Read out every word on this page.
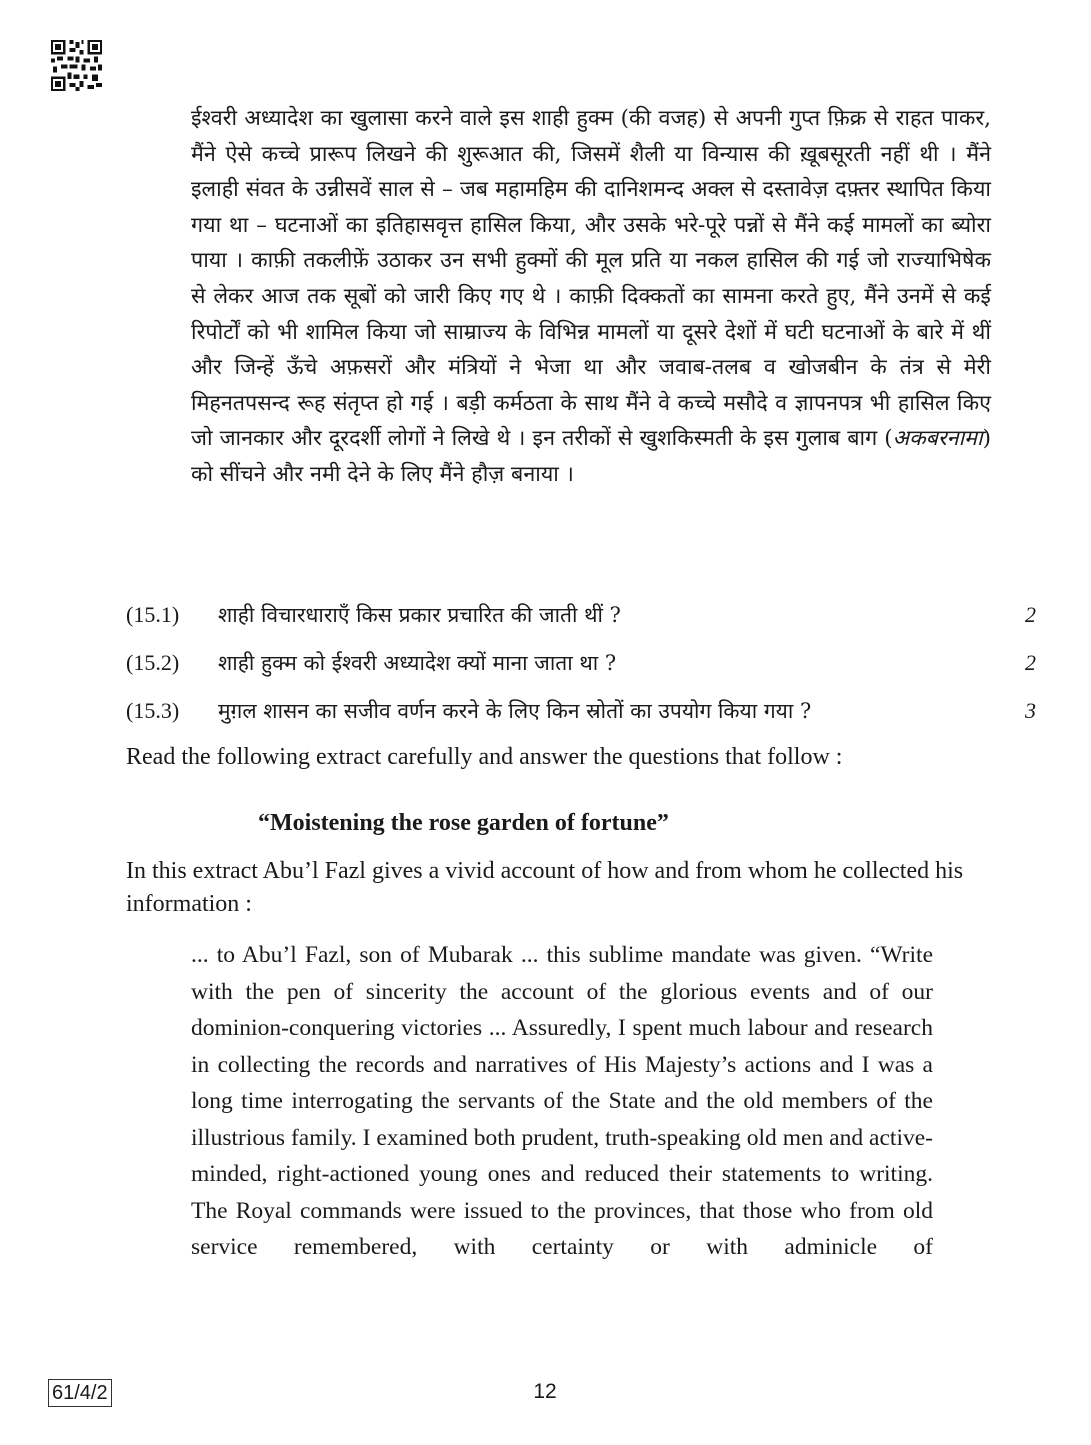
ईश्वरी अध्यादेश का खुलासा करने वाले इस शाही हुक्म (की वजह) से अपनी गुप्त फ़िक्र से राहत पाकर, मैंने ऐसे कच्चे प्रारूप लिखने की शुरूआत की, जिसमें शैली या विन्यास की ख़ूबसूरती नहीं थी । मैंने इलाही संवत के उन्नीसवें साल से – जब महामहिम की दानिशमन्द अक्ल से दस्तावेज़ दफ़्तर स्थापित किया गया था – घटनाओं का इतिहासवृत्त हासिल किया, और उसके भरे-पूरे पन्नों से मैंने कई मामलों का ब्योरा पाया । काफ़ी तकलीफ़ें उठाकर उन सभी हुक्मों की मूल प्रति या नकल हासिल की गई जो राज्याभिषेक से लेकर आज तक सूबों को जारी किए गए थे । काफ़ी दिक्कतों का सामना करते हुए, मैंने उनमें से कई रिपोर्टों को भी शामिल किया जो साम्राज्य के विभिन्न मामलों या दूसरे देशों में घटी घटनाओं के बारे में थीं और जिन्हें ऊँचे अफ़सरों और मंत्रियों ने भेजा था और जवाब-तलब व खोजबीन के तंत्र से मेरी मिहनतपसन्द रूह संतृप्त हो गई । बड़ी कर्मठता के साथ मैंने वे कच्चे मसौदे व ज्ञापनपत्र भी हासिल किए जो जानकार और दूरदर्शी लोगों ने लिखे थे । इन तरीकों से खुशकिस्मती के इस गुलाब बाग (अकबरनामा) को सींचने और नमी देने के लिए मैंने हौज़ बनाया ।

(15.1) शाही विचारधाराएँ किस प्रकार प्रचारित की जाती थीं ?	2
(15.2) शाही हुक्म को ईश्वरी अध्यादेश क्यों माना जाता था ?	2
(15.3) मुग़ल शासन का सजीव वर्णन करने के लिए किन स्रोतों का उपयोग किया गया ?	3

Read the following extract carefully and answer the questions that follow :

“Moistening the rose garden of fortune”

In this extract Abu’l Fazl gives a vivid account of how and from whom he collected his information :

... to Abu’l Fazl, son of Mubarak ... this sublime mandate was given. “Write with the pen of sincerity the account of the glorious events and of our dominion-conquering victories ... Assuredly, I spent much labour and research in collecting the records and narratives of His Majesty’s actions and I was a long time interrogating the servants of the State and the old members of the illustrious family. I examined both prudent, truth-speaking old men and active-minded, right-actioned young ones and reduced their statements to writing. The Royal commands were issued to the provinces, that those who from old service remembered, with certainty or with adminicle of

61/4/2	12
